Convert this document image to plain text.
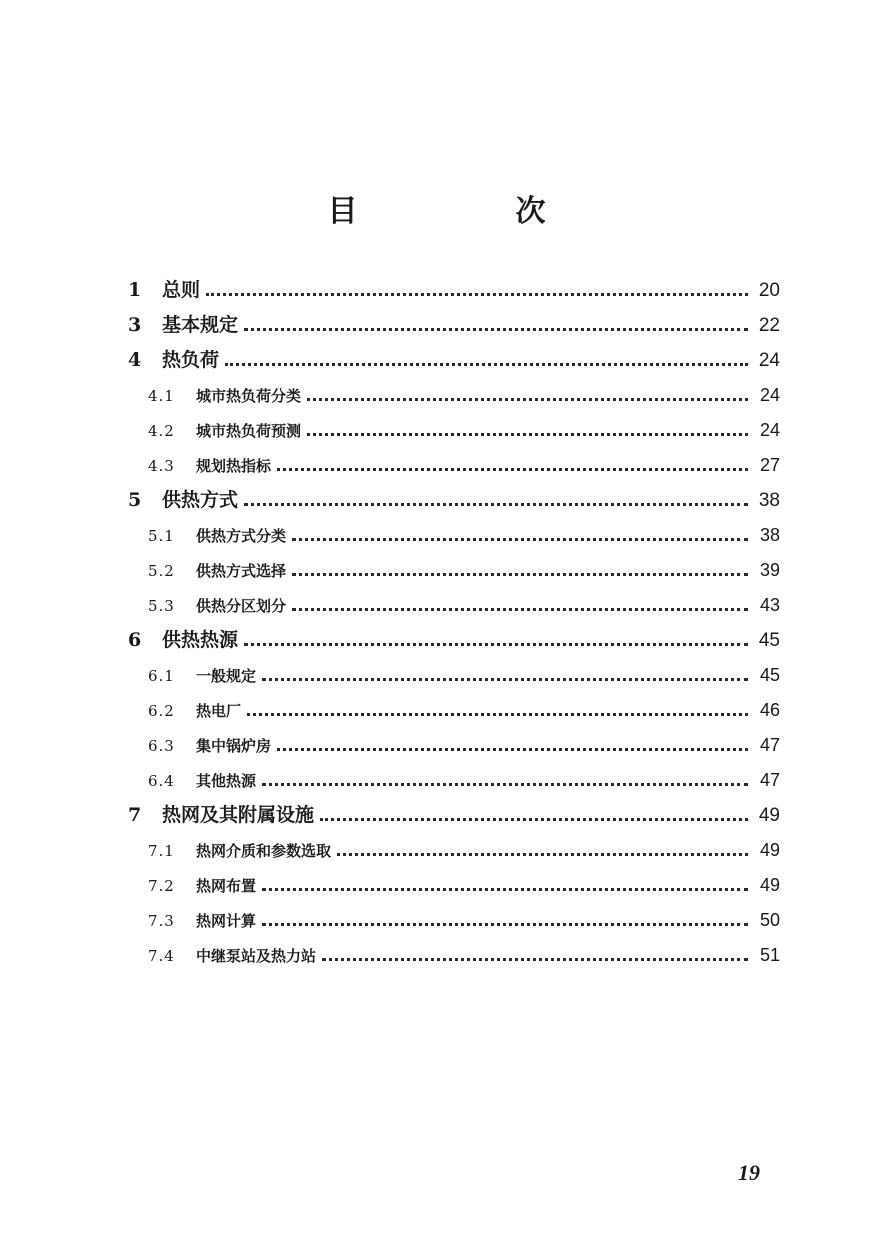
目　次
1	总则	20
3	基本规定	22
4	热负荷	24
4.1	城市热负荷分类	24
4.2	城市热负荷预测	24
4.3	规划热指标	27
5	供热方式	38
5.1	供热方式分类	38
5.2	供热方式选择	39
5.3	供热分区划分	43
6	供热热源	45
6.1	一般规定	45
6.2	热电厂	46
6.3	集中锅炉房	47
6.4	其他热源	47
7	热网及其附属设施	49
7.1	热网介质和参数选取	49
7.2	热网布置	49
7.3	热网计算	50
7.4	中继泵站及热力站	51
19
